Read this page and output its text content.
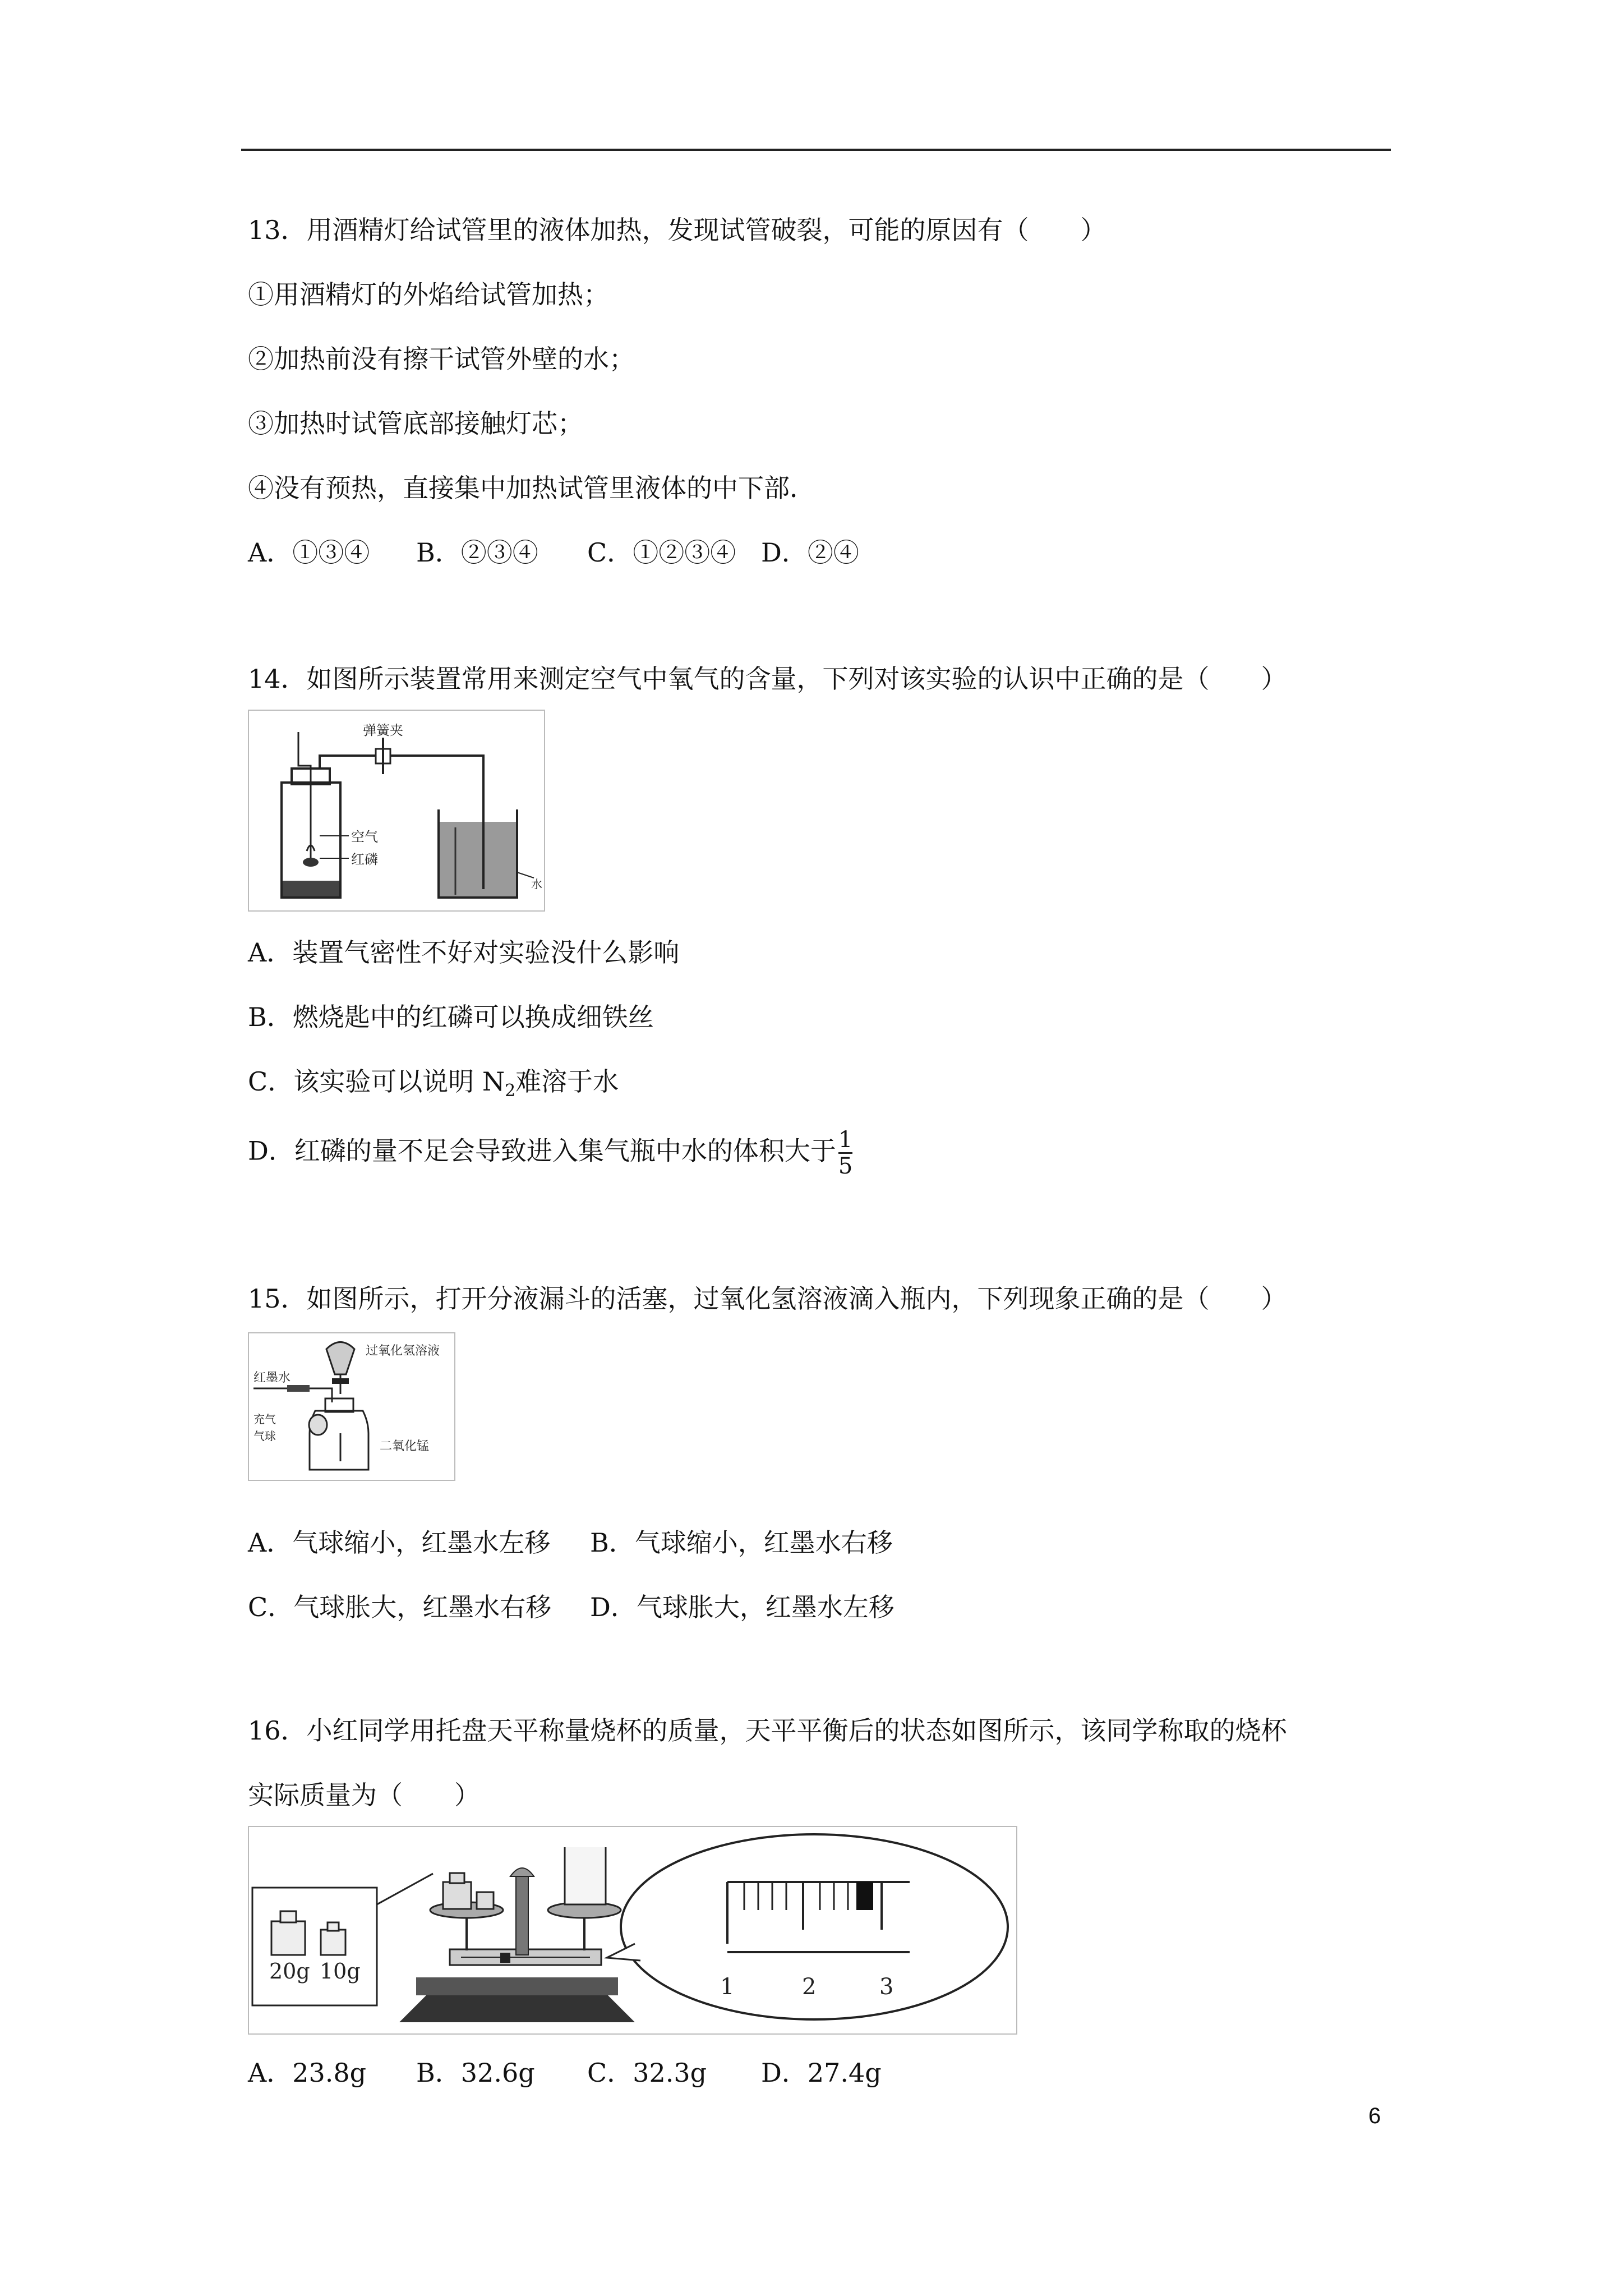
13．用酒精灯给试管里的液体加热，发现试管破裂，可能的原因有（　　）
①用酒精灯的外焰给试管加热；
②加热前没有擦干试管外壁的水；
③加热时试管底部接触灯芯；
④没有预热，直接集中加热试管里液体的中下部．
A．①③④ B．②③④ C．①②③④ D．②④
14．如图所示装置常用来测定空气中氧气的含量，下列对该实验的认识中正确的是（　　）
弹簧夹
空气
红磷
水
A．装置气密性不好对实验没什么影响
B．燃烧匙中的红磷可以换成细铁丝
C．该实验可以说明 $N_2$难溶于水
D．红磷的量不足会导致进入集气瓶中水的体积大于 $\frac{1}{5}$
15．如图所示，打开分液漏斗的活塞，过氧化氢溶液滴入瓶内，下列现象正确的是（　　）
过氧化氢溶液
红墨水
充气
气球
二氧化锰
A．气球缩小，红墨水左移 B．气球缩小，红墨水右移
C．气球胀大，红墨水右移 D．气球胀大，红墨水左移
16．小红同学用托盘天平称量烧杯的质量，天平平衡后的状态如图所示，该同学称取的烧杯
实际质量为（　　）
20g 10g
1	2	3
A．23.8g B．32.6g C．32.3g D．27.4g
6
